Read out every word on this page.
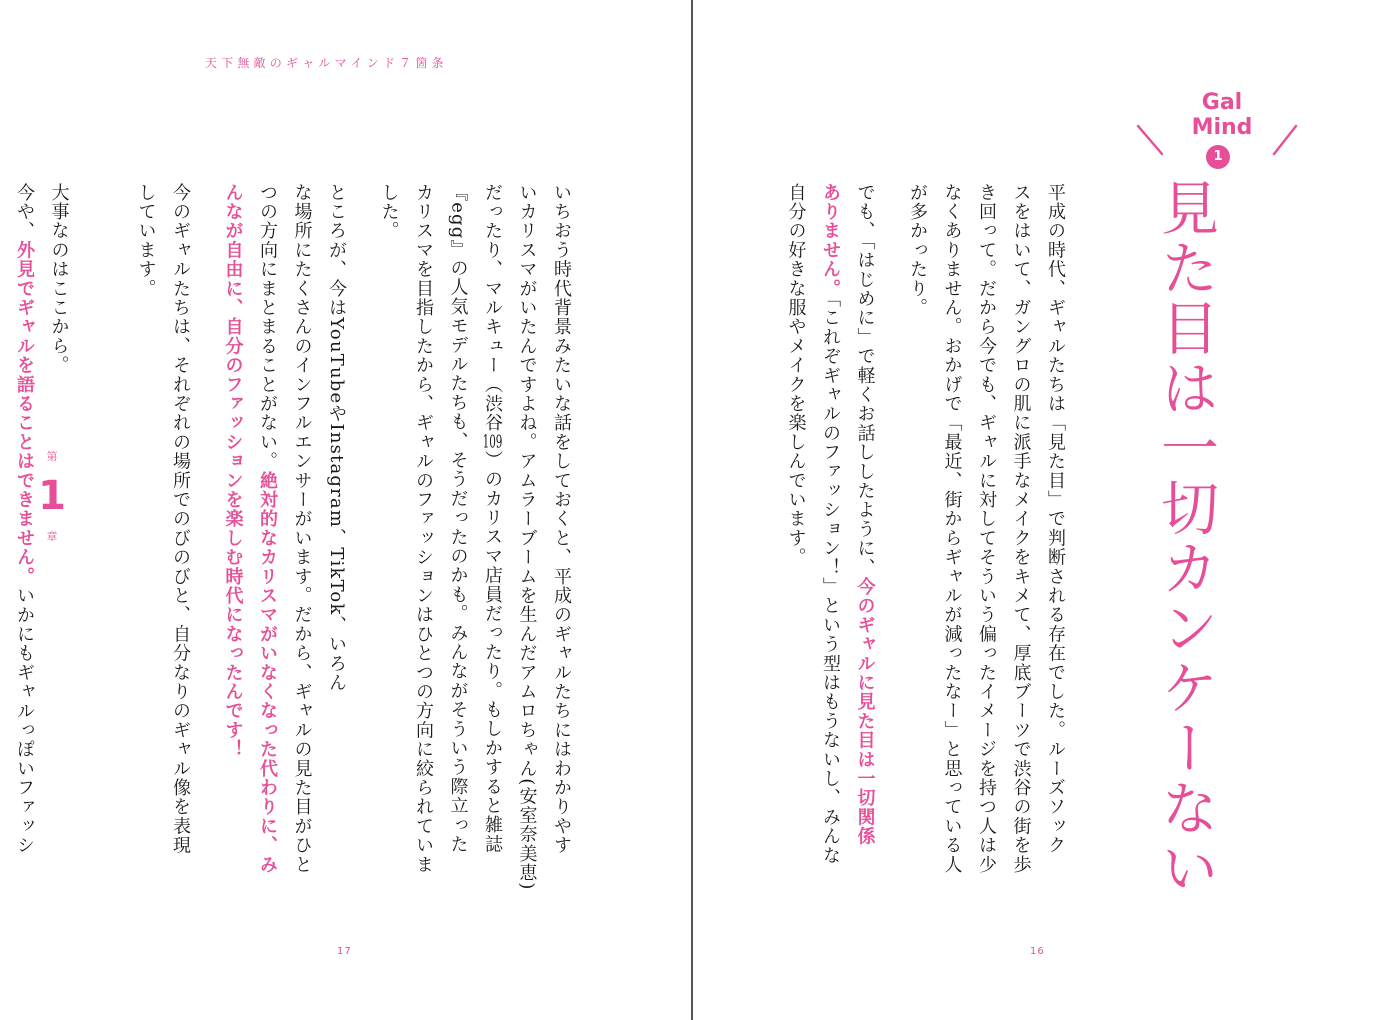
天下無敵のギャルマインド７箇条
いちおう時代背景みたいな話をしておくと、平成のギャルたちにはわかりやす
いカリスマがいたんですよね。アムラーブームを生んだアムロちゃん(安室奈美恵)
だったり、マルキュー（渋谷109）のカリスマ店員だったり。もしかすると雑誌
『egg』の人気モデルたちも、そうだったのかも。みんながそういう際立った
カリスマを目指したから、ギャルのファッションはひとつの方向に絞られていま
した。
ところが、今はYouTubeやInstagram、TikTok、いろん
な場所にたくさんのインフルエンサーがいます。だから、ギャルの見た目がひと
つの方向にまとまることがない。絶対的なカリスマがいなくなった代わりに、み
んなが自由に、自分のファッションを楽しむ時代になったんです！
今のギャルたちは、それぞれの場所でのびのびと、自分なりのギャル像を表現
しています。
大事なのはここから。
今や、外見でギャルを語ることはできません。いかにもギャルっぽいファッシ
第
1
章
17
平成の時代、ギャルたちは「見た目」で判断される存在でした。ルーズソック
スをはいて、ガングロの肌に派手なメイクをキメて、厚底ブーツで渋谷の街を歩
き回って。だから今でも、ギャルに対してそういう偏ったイメージを持つ人は少
なくありません。おかげで「最近、街からギャルが減ったなー」と思っている人
が多かったり。
でも、「はじめに」で軽くお話ししたように、今のギャルに見た目は一切関係
ありません。「これぞギャルのファッション！」という型はもうないし、みんな
自分の好きな服やメイクを楽しんでいます。
Gal
Mind
1
見た目は一切カンケーない
16
